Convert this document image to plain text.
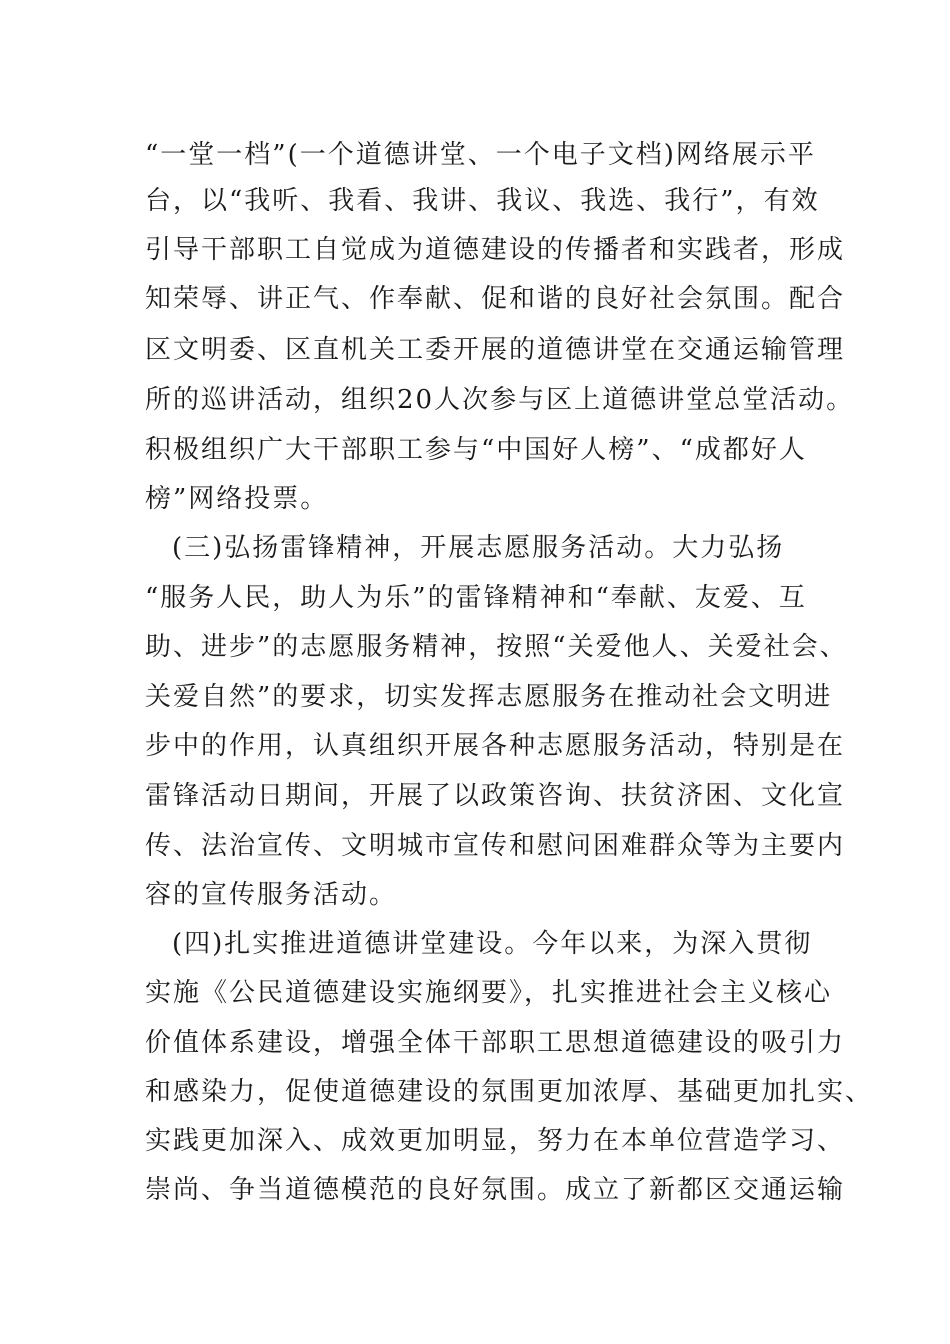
“一堂一档”(一个道德讲堂、一个电子文档)网络展示平
台，以“我听、我看、我讲、我议、我选、我行”，有效
引导干部职工自觉成为道德建设的传播者和实践者，形成
知荣辱、讲正气、作奉献、促和谐的良好社会氛围。配合
区文明委、区直机关工委开展的道德讲堂在交通运输管理
所的巡讲活动，组织20人次参与区上道德讲堂总堂活动。
积极组织广大干部职工参与“中国好人榜”、“成都好人
榜”网络投票。
(三)弘扬雷锋精神，开展志愿服务活动。大力弘扬
“服务人民，助人为乐”的雷锋精神和“奉献、友爱、互
助、进步”的志愿服务精神，按照“关爱他人、关爱社会、
关爱自然”的要求，切实发挥志愿服务在推动社会文明进
步中的作用，认真组织开展各种志愿服务活动，特别是在
雷锋活动日期间，开展了以政策咨询、扶贫济困、文化宣
传、法治宣传、文明城市宣传和慰问困难群众等为主要内
容的宣传服务活动。
(四)扎实推进道德讲堂建设。今年以来，为深入贯彻
实施《公民道德建设实施纲要》，扎实推进社会主义核心
价值体系建设，增强全体干部职工思想道德建设的吸引力
和感染力，促使道德建设的氛围更加浓厚、基础更加扎实、
实践更加深入、成效更加明显，努力在本单位营造学习、
崇尚、争当道德模范的良好氛围。成立了新都区交通运输
